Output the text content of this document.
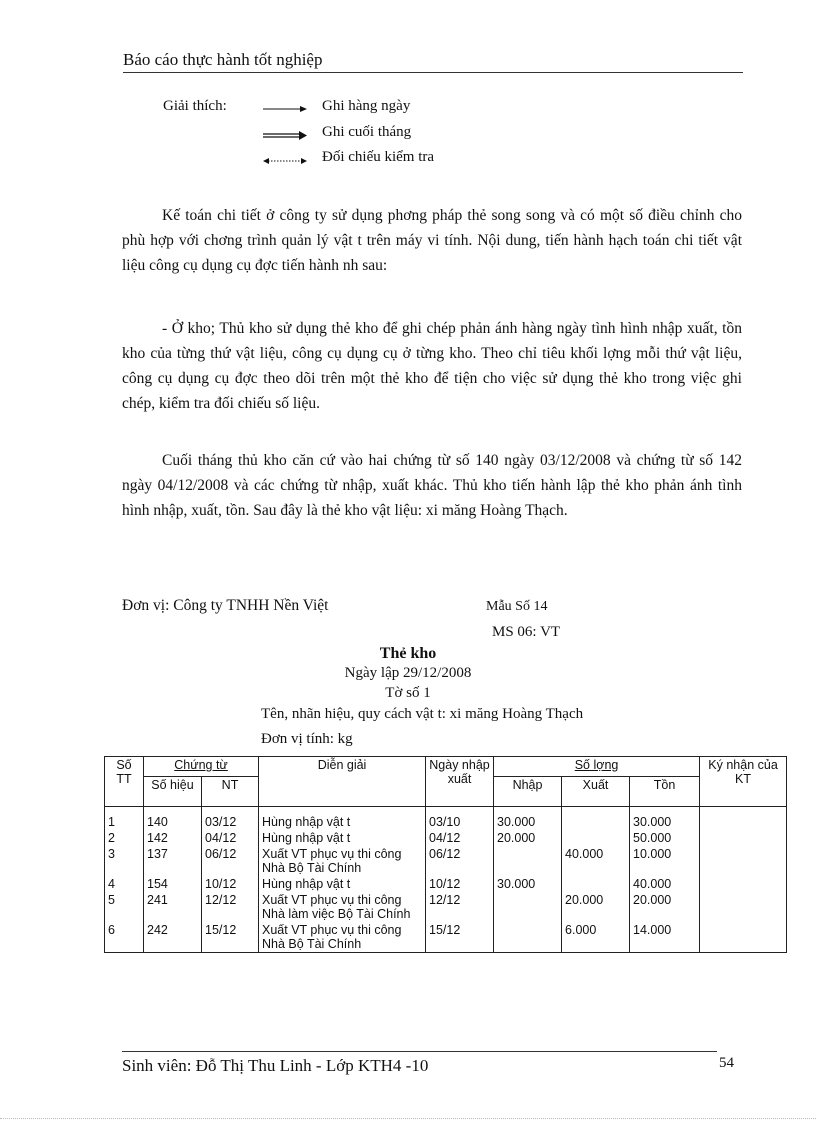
Báo cáo thực hành tốt nghiệp
Giải thích:	Ghi hàng ngày
Ghi cuối tháng
Đối chiếu kiểm tra

Kế toán chi tiết ở công ty sử dụng phơng pháp thẻ song song và có một số điều chỉnh cho phù hợp với chơng trình quản lý vật t trên máy vi tính. Nội dung, tiến hành hạch toán chi tiết vật liệu công cụ dụng cụ đợc tiến hành nh sau:

- Ở kho; Thủ kho sử dụng thẻ kho để ghi chép phản ánh hàng ngày tình hình nhập xuất, tồn kho của từng thứ vật liệu, công cụ dụng cụ ở từng kho. Theo chỉ tiêu khối lợng mỗi thứ vật liệu, công cụ dụng cụ đợc theo dõi trên một thẻ kho để tiện cho việc sử dụng thẻ kho trong việc ghi chép, kiểm tra đối chiếu số liệu.

Cuối tháng thủ kho căn cứ vào hai chứng từ số 140 ngày 03/12/2008 và chứng từ số 142 ngày 04/12/2008 và các chứng từ nhập, xuất khác. Thủ kho tiến hành lập thẻ kho phản ánh tình hình nhập, xuất, tồn. Sau đây là thẻ kho vật liệu: xi măng Hoàng Thạch.

Đơn vị: Công ty TNHH Nền Việt	Mẫu Số 14
MS 06: VT
Thẻ kho
Ngày lập 29/12/2008
Tờ số 1
Tên, nhãn hiệu, quy cách vật t: xi măng Hoàng Thạch
Đơn vị tính: kg
Số TT	Chứng từ		Diễn giải	Ngày nhập xuất	Số lợng			Ký nhận của KT
	Số hiệu	NT			Nhập	Xuất	Tồn	
1	140	03/12	Hùng nhập vật t	03/10	30.000		30.000	
2	142	04/12	Hùng nhập vật t	04/12	20.000		50.000	
3	137	06/12	Xuất VT phục vụ thi công Nhà Bộ Tài Chính	06/12		40.000	10.000	
4	154	10/12	Hùng nhập vật t	10/12	30.000		40.000	
5	241	12/12	Xuất VT phục vụ thi công Nhà làm việc Bộ Tài Chính	12/12		20.000	20.000	
6	242	15/12	Xuất VT phục vụ thi công Nhà Bộ Tài Chính	15/12		6.000	14.000	
Sinh viên: Đỗ Thị Thu Linh - Lớp KTH4 -10	54
